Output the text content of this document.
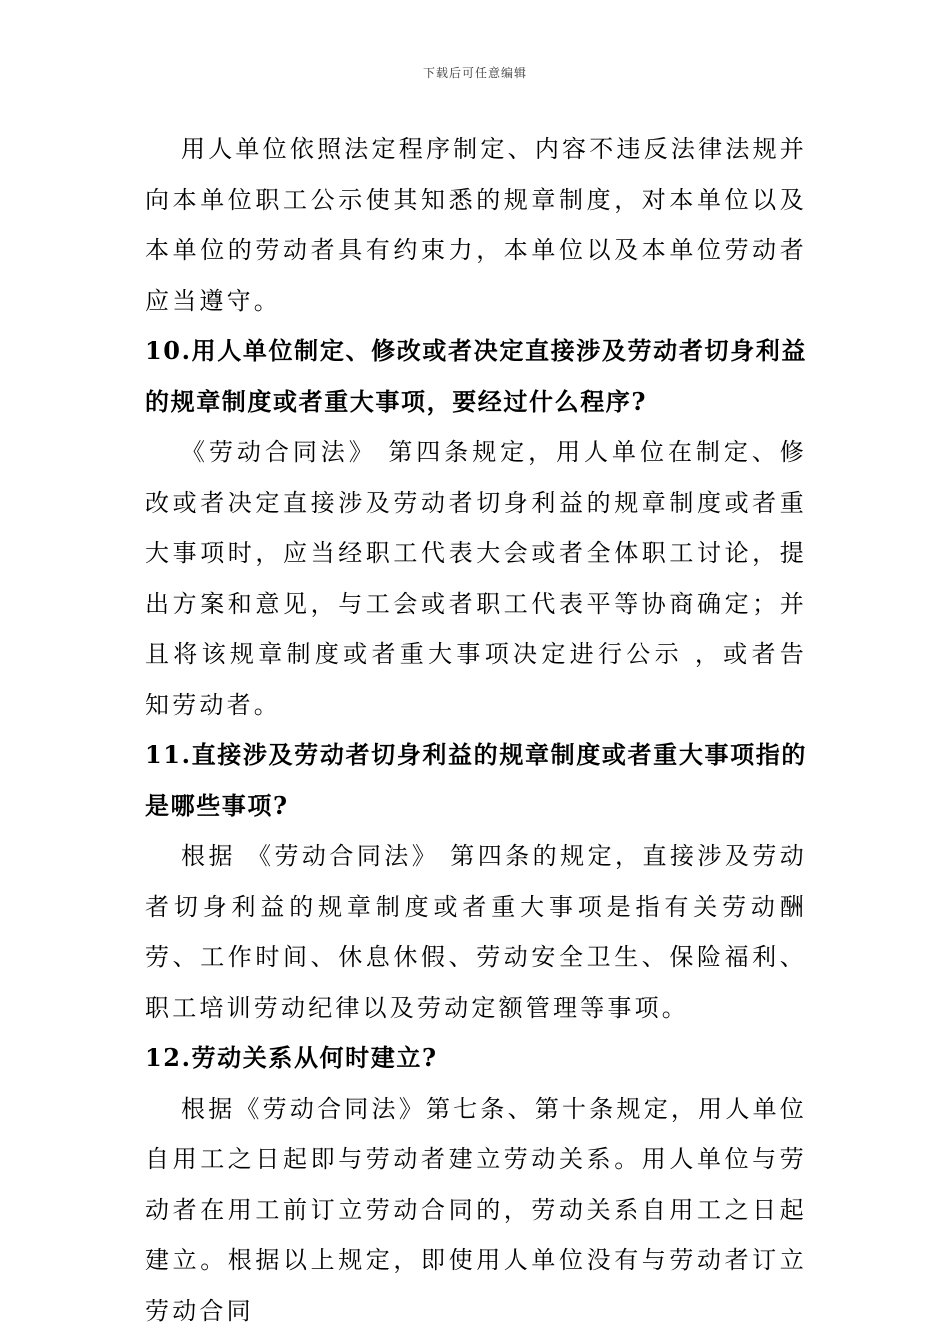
下载后可任意编辑

用人单位依照法定程序制定、内容不违反法律法规并向本单位职工公示使其知悉的规章制度，对本单位以及本单位的劳动者具有约束力，本单位以及本单位劳动者应当遵守。

10.用人单位制定、修改或者决定直接涉及劳动者切身利益的规章制度或者重大事项，要经过什么程序?

《劳动合同法》 第四条规定，用人单位在制定、修改或者决定直接涉及劳动者切身利益的规章制度或者重大事项时，应当经职工代表大会或者全体职工讨论，提出方案和意见，与工会或者职工代表平等协商确定；并且将该规章制度或者重大事项决定进行公示 ，或者告知劳动者。

11.直接涉及劳动者切身利益的规章制度或者重大事项指的是哪些事项?

根据 《劳动合同法》 第四条的规定，直接涉及劳动者切身利益的规章制度或者重大事项是指有关劳动酬劳、工作时间、休息休假、劳动安全卫生、保险福利、职工培训劳动纪律以及劳动定额管理等事项。

12.劳动关系从何时建立?

根据《劳动合同法》第七条、第十条规定，用人单位自用工之日起即与劳动者建立劳动关系。用人单位与劳动者在用工前订立劳动合同的，劳动关系自用工之日起建立。根据以上规定，即使用人单位没有与劳动者订立劳动合同
